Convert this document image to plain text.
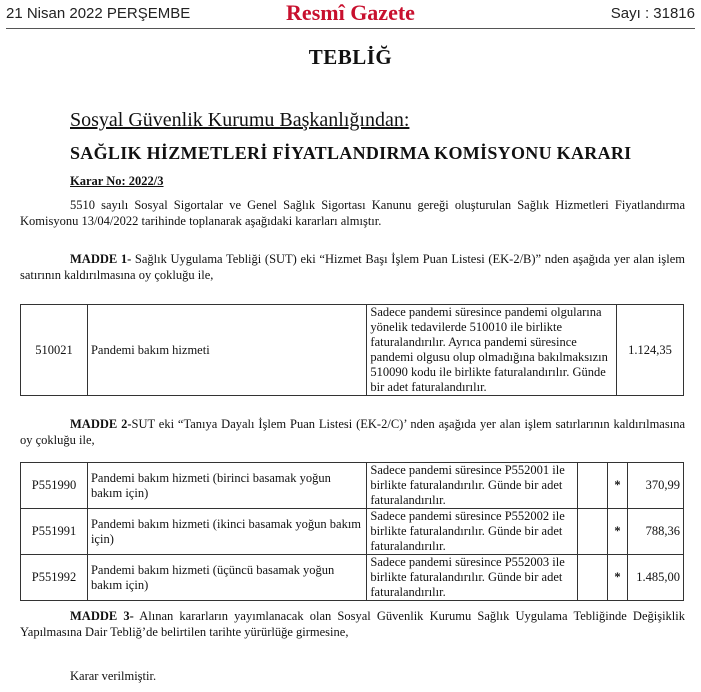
21 Nisan 2022 PERŞEMBE	Resmî Gazete	Sayı : 31816
TEBLİĞ
Sosyal Güvenlik Kurumu Başkanlığından:
SAĞLIK HİZMETLERİ FİYATLANDIRMA KOMİSYONU KARARI
Karar No: 2022/3
5510 sayılı Sosyal Sigortalar ve Genel Sağlık Sigortası Kanunu gereği oluşturulan Sağlık Hizmetleri Fiyatlandırma Komisyonu 13/04/2022 tarihinde toplanarak aşağıdaki kararları almıştır.
MADDE 1- Sağlık Uygulama Tebliği (SUT) eki “Hizmet Başı İşlem Puan Listesi (EK-2/B)” nden aşağıda yer alan işlem satırının kaldırılmasına oy çokluğu ile,
510021	Pandemi bakım hizmeti	Sadece pandemi süresince pandemi olgularına yönelik tedavilerde 510010 ile birlikte faturalandırılır. Ayrıca pandemi süresince pandemi olgusu olup olmadığına bakılmaksızın 510090 kodu ile birlikte faturalandırılır. Günde bir adet faturalandırılır.	1.124,35
MADDE 2-SUT eki “Tanıya Dayalı İşlem Puan Listesi (EK-2/C)’ nden aşağıda yer alan işlem satırlarının kaldırılmasına oy çokluğu ile,
P551990	Pandemi bakım hizmeti (birinci basamak yoğun bakım için)	Sadece pandemi süresince P552001 ile birlikte faturalandırılır. Günde bir adet faturalandırılır.		*	370,99
P551991	Pandemi bakım hizmeti (ikinci basamak yoğun bakım için)	Sadece pandemi süresince P552002 ile birlikte faturalandırılır. Günde bir adet faturalandırılır.		*	788,36
P551992	Pandemi bakım hizmeti (üçüncü basamak yoğun bakım için)	Sadece pandemi süresince P552003 ile birlikte faturalandırılır. Günde bir adet faturalandırılır.		*	1.485,00
MADDE 3- Alınan kararların yayımlanacak olan Sosyal Güvenlik Kurumu Sağlık Uygulama Tebliğinde Değişiklik Yapılmasına Dair Tebliğ’de belirtilen tarihte yürürlüğe girmesine,
Karar verilmiştir.
